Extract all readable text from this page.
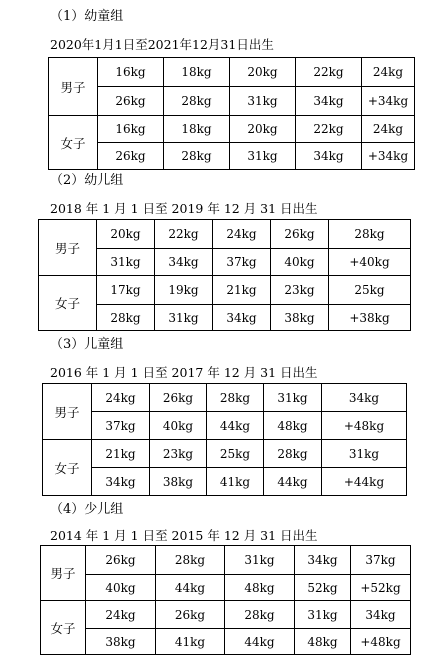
（1）幼童组
2020年1月1日至2021年12月31日出生
男子	16kg	18kg	20kg	22kg	24kg
	26kg	28kg	31kg	34kg	+34kg
女子	16kg	18kg	20kg	22kg	24kg
	26kg	28kg	31kg	34kg	+34kg
（2）幼儿组
2018 年 1 月 1 日至 2019 年 12 月 31 日出生
男子	20kg	22kg	24kg	26kg	28kg
	31kg	34kg	37kg	40kg	+40kg
女子	17kg	19kg	21kg	23kg	25kg
	28kg	31kg	34kg	38kg	+38kg
（3）儿童组
2016 年 1 月 1 日至 2017 年 12 月 31 日出生
男子	24kg	26kg	28kg	31kg	34kg
	37kg	40kg	44kg	48kg	+48kg
女子	21kg	23kg	25kg	28kg	31kg
	34kg	38kg	41kg	44kg	+44kg
（4）少儿组
2014 年 1 月 1 日至 2015 年 12 月 31 日出生
男子	26kg	28kg	31kg	34kg	37kg
	40kg	44kg	48kg	52kg	+52kg
女子	24kg	26kg	28kg	31kg	34kg
	38kg	41kg	44kg	48kg	+48kg
